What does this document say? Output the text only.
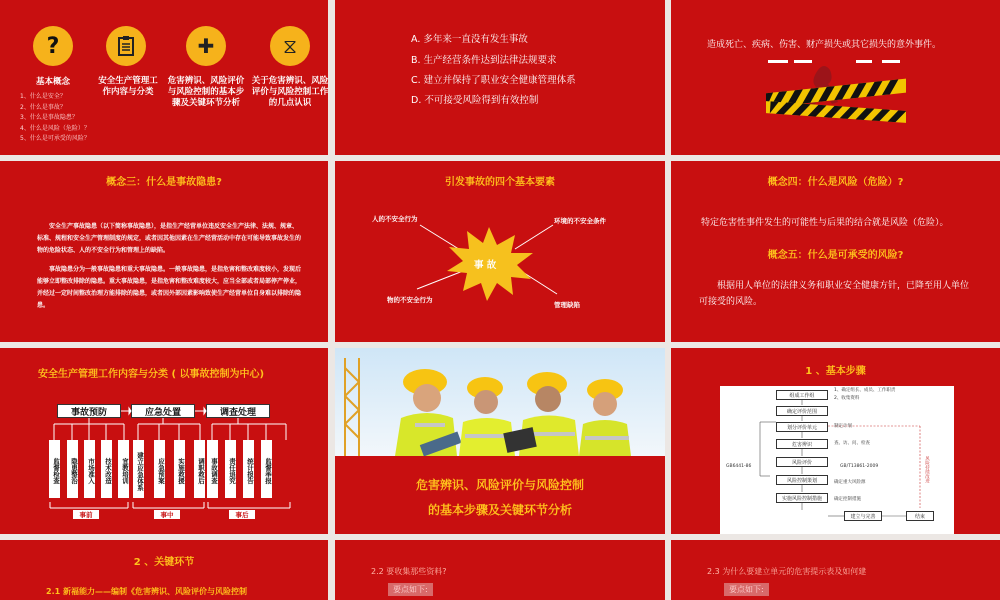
?
基本概念	安全生产管理工作内容与分类
✚
危害辨识、风险评价与风险控制的基本步骤及关键环节分析
⧖
关于危害辨识、风险评价与风险控制工作的几点认识
1、什么是安全？
2、什么是事故？
3、什么是事故隐患？
4、什么是风险（危险）？
5、什么是可承受的风险？
A. 多年来一直没有发生事故
B. 生产经营条件达到法律法规要求
C. 建立并保持了职业安全健康管理体系
D. 不可接受风险得到有效控制
造成死亡、疾病、伤害、财产损失或其它损失的意外事件。
概念三：什么是事故隐患?
安全生产事故隐患（以下简称事故隐患），是指生产经营单位违反安全生产法律、法规、规章、标准、规程和安全生产管理制度的规定，或者因其他因素在生产经营活动中存在可能导致事故发生的物的危险状态、人的不安全行为和管理上的缺陷。
事故隐患分为一般事故隐患和重大事故隐患。一般事故隐患，是指危害和整改难度较小，发现后能够立即整改排除的隐患。重大事故隐患，是指危害和整改难度较大，应当全部或者局部停产停业，并经过一定时间整改治理方能排除的隐患，或者因外部因素影响致使生产经营单位自身难以排除的隐患。
引发事故的四个基本要素
事 故
人的不安全行为	环境的不安全条件
物的不安全行为
管理缺陷
概念四：什么是风险（危险）?
特定危害性事件发生的可能性与后果的结合就是风险（危险）。
概念五：什么是可承受的风险?
根据用人单位的法律义务和职业安全健康方针，已降至用人单位可接受的风险。
安全生产管理工作内容与分类 ( 以事故控制为中心)
事故预防	应急处置	调查处理
监督检查	隐患整治	市场准入	技术改造	宣教培训	建立应急体系	应急预案	实施救援	调职救后 事故调查	责任追究	统计报告	监督举报
事前	事中	事后
危害辨识、风险评价与风险控制
的基本步骤及关键环节分析
1 、基本步骤
组成工作组
确定评价范围
划分评价单元
危害辨识
风险评价
风险控制策划
实施风险控制措施
建立与完善	结束
GB6441-86	GB/T13861-2009
1、确定组长、成员、工作职责
2、收集资料
制定计划
查、访、问、检查
确定重大风险源
确定控制措施
风险持续改进
2 、关键环节
2.1 新福能力——编制《危害辨识、风险评价与风险控制
2.2 要收集那些资料?
要点如下:
2.3 为什么要建立单元的危害提示表及如何建
要点如下:
